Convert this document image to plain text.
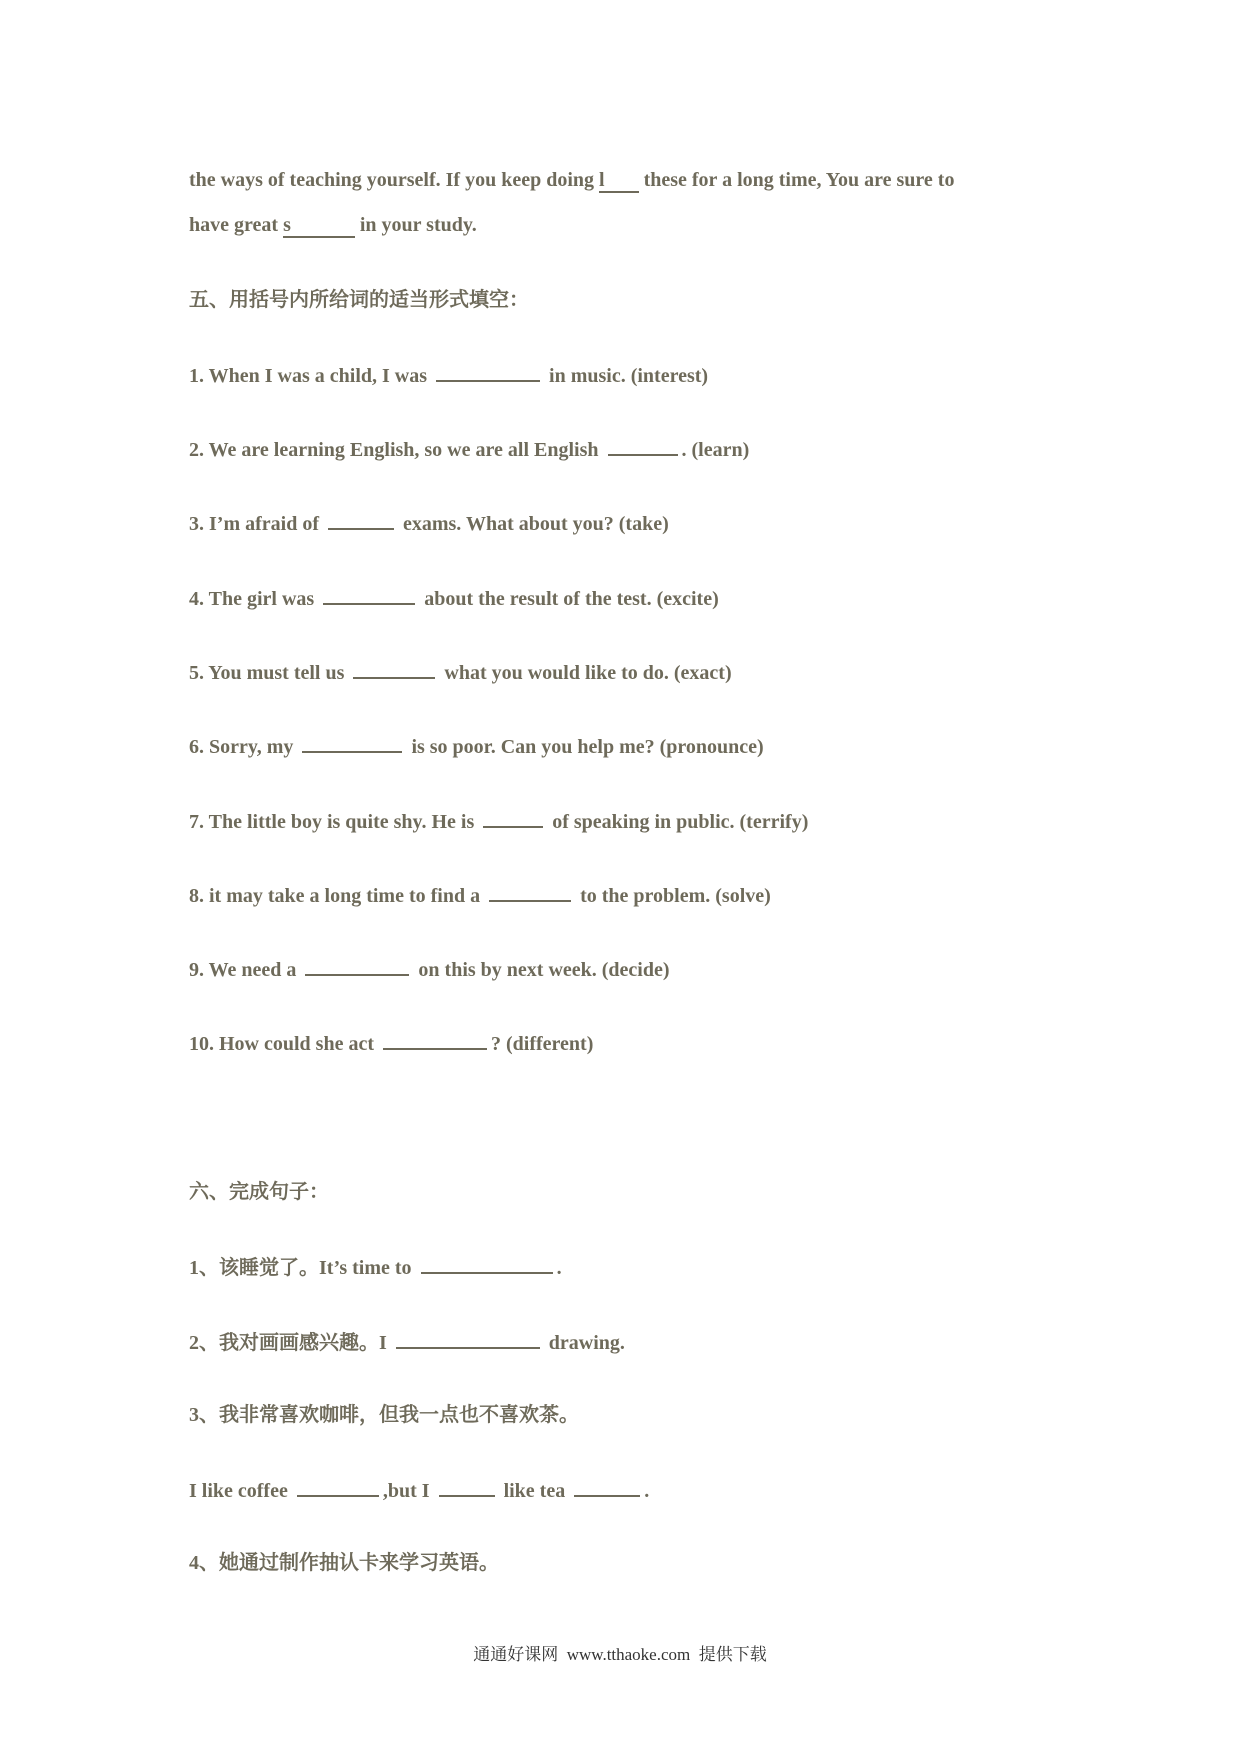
the ways of teaching yourself. If you keep doing l these for a long time, You are sure to
have great s	in your study.
五、用括号内所给词的适当形式填空：
1. When I was a child, I was	in music. (interest)
2. We are learning English, so we are all English	. (learn)
3. I’m afraid of	exams. What about you? (take)
4. The girl was	about the result of the test. (excite)
5. You must tell us	what you would like to do. (exact)
6. Sorry, my	is so poor. Can you help me? (pronounce)
7. The little boy is quite shy. He is	of speaking in public. (terrify)
8. it may take a long time to find a	to the problem. (solve)
9. We need a	on this by next week. (decide)
10. How could she act	? (different)
六、完成句子：
1、该睡觉了。It’s time to	.
2、我对画画感兴趣。I	drawing.
3、我非常喜欢咖啡，但我一点也不喜欢茶。
I like coffee	,but I	like tea	.
4、她通过制作抽认卡来学习英语。
通通好课网  www.tthaoke.com  提供下载
